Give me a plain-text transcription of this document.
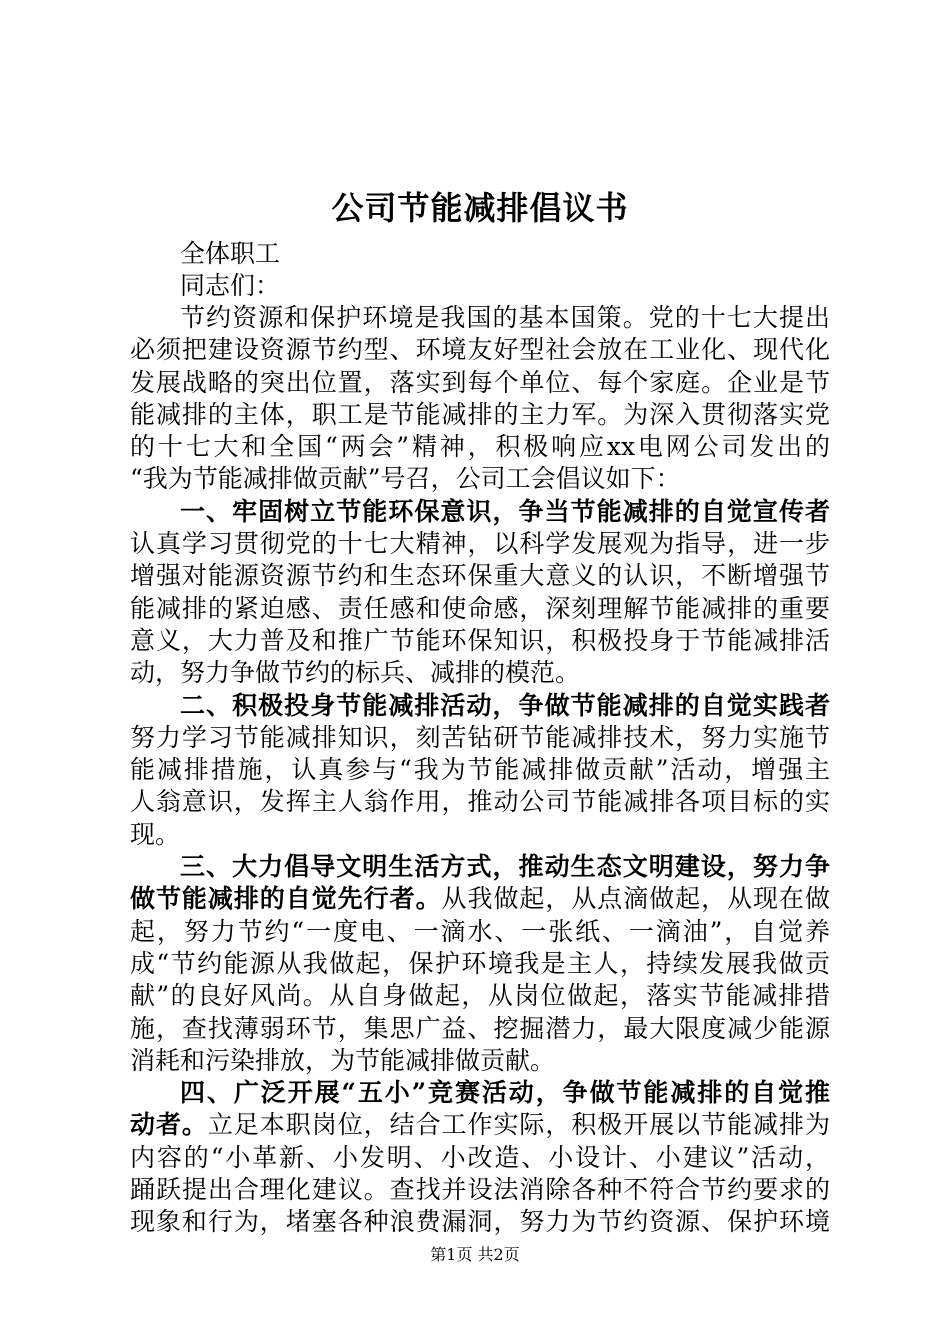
公司节能减排倡议书
全体职工
同志们：
节约资源和保护环境是我国的基本国策。党的十七大提出
必须把建设资源节约型、环境友好型社会放在工业化、现代化
发展战略的突出位置，落实到每个单位、每个家庭。企业是节
能减排的主体，职工是节能减排的主力军。为深入贯彻落实党
的十七大和全国“两会”精神，积极响应xx电网公司发出的
“我为节能减排做贡献”号召，公司工会倡议如下：
一、牢固树立节能环保意识，争当节能减排的自觉宣传者
认真学习贯彻党的十七大精神，以科学发展观为指导，进一步
增强对能源资源节约和生态环保重大意义的认识，不断增强节
能减排的紧迫感、责任感和使命感，深刻理解节能减排的重要
意义，大力普及和推广节能环保知识，积极投身于节能减排活
动，努力争做节约的标兵、减排的模范。
二、积极投身节能减排活动，争做节能减排的自觉实践者
努力学习节能减排知识，刻苦钻研节能减排技术，努力实施节
能减排措施，认真参与“我为节能减排做贡献”活动，增强主
人翁意识，发挥主人翁作用，推动公司节能减排各项目标的实
现。
三、大力倡导文明生活方式，推动生态文明建设，努力争
做节能减排的自觉先行者。从我做起，从点滴做起，从现在做
起，努力节约“一度电、一滴水、一张纸、一滴油”，自觉养
成“节约能源从我做起，保护环境我是主人，持续发展我做贡
献”的良好风尚。从自身做起，从岗位做起，落实节能减排措
施，查找薄弱环节，集思广益、挖掘潜力，最大限度减少能源
消耗和污染排放，为节能减排做贡献。
四、广泛开展“五小”竞赛活动，争做节能减排的自觉推
动者。立足本职岗位，结合工作实际，积极开展以节能减排为
内容的“小革新、小发明、小改造、小设计、小建议”活动，
踊跃提出合理化建议。查找并设法消除各种不符合节约要求的
现象和行为，堵塞各种浪费漏洞，努力为节约资源、保护环境
第1页 共2页
